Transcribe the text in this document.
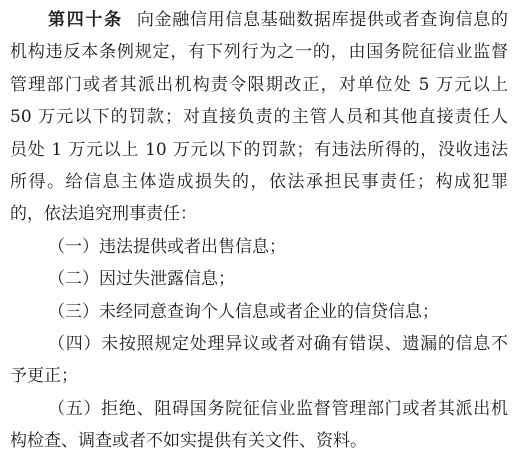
第四十条 向金融信用信息基础数据库提供或者查询信息的
机构违反本条例规定，有下列行为之一的，由国务院征信业监督
管理部门或者其派出机构责令限期改正，对单位处 5 万元以上
50 万元以下的罚款；对直接负责的主管人员和其他直接责任人
员处 1 万元以上 10 万元以下的罚款；有违法所得的，没收违法
所得。给信息主体造成损失的，依法承担民事责任；构成犯罪
的，依法追究刑事责任：
（一）违法提供或者出售信息；
（二）因过失泄露信息；
（三）未经同意查询个人信息或者企业的信贷信息；
（四）未按照规定处理异议或者对确有错误、遗漏的信息不
予更正；
（五）拒绝、阻碍国务院征信业监督管理部门或者其派出机
构检查、调查或者不如实提供有关文件、资料。
